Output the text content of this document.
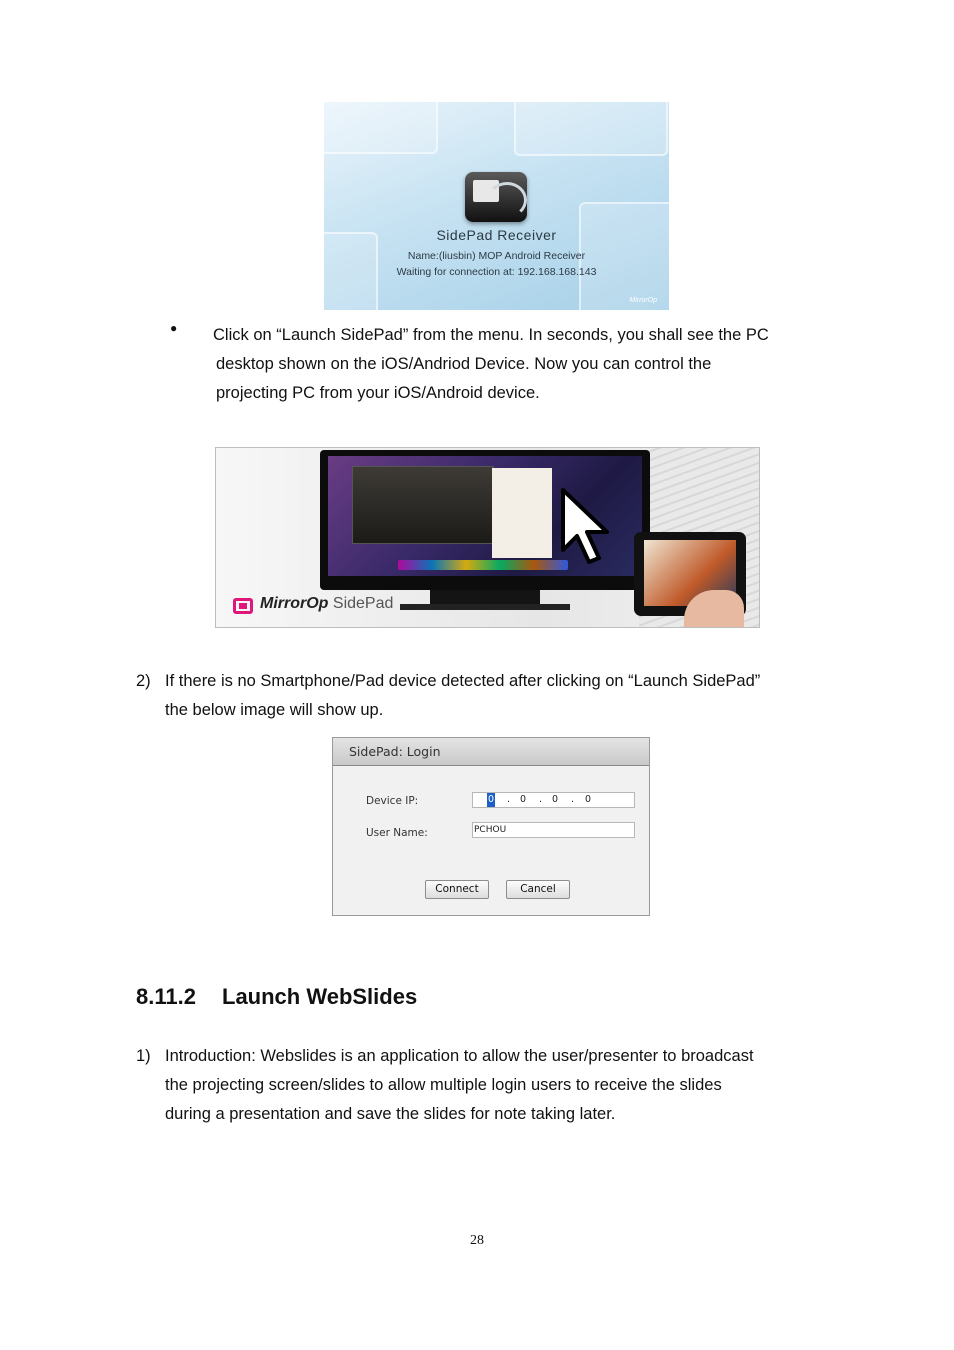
SidePad Receiver
Name:(liusbin) MOP Android Receiver
Waiting for connection at: 192.168.168.143
MirrorOp
● Click on “Launch SidePad” from the menu. In seconds, you shall see the PC
desktop shown on the iOS/Andriod Device. Now you can control the
projecting PC from your iOS/Android device.
MirrorOp SidePad
2) If there is no Smartphone/Pad device detected after clicking on “Launch SidePad”
the below image will show up.
SidePad: Login
Device IP:	0 . 0 . 0 . 0
User Name:	PCHOU
Connect	Cancel
8.11.2 Launch WebSlides
1) Introduction: Webslides is an application to allow the user/presenter to broadcast
the projecting screen/slides to allow multiple login users to receive the slides
during a presentation and save the slides for note taking later.
28
